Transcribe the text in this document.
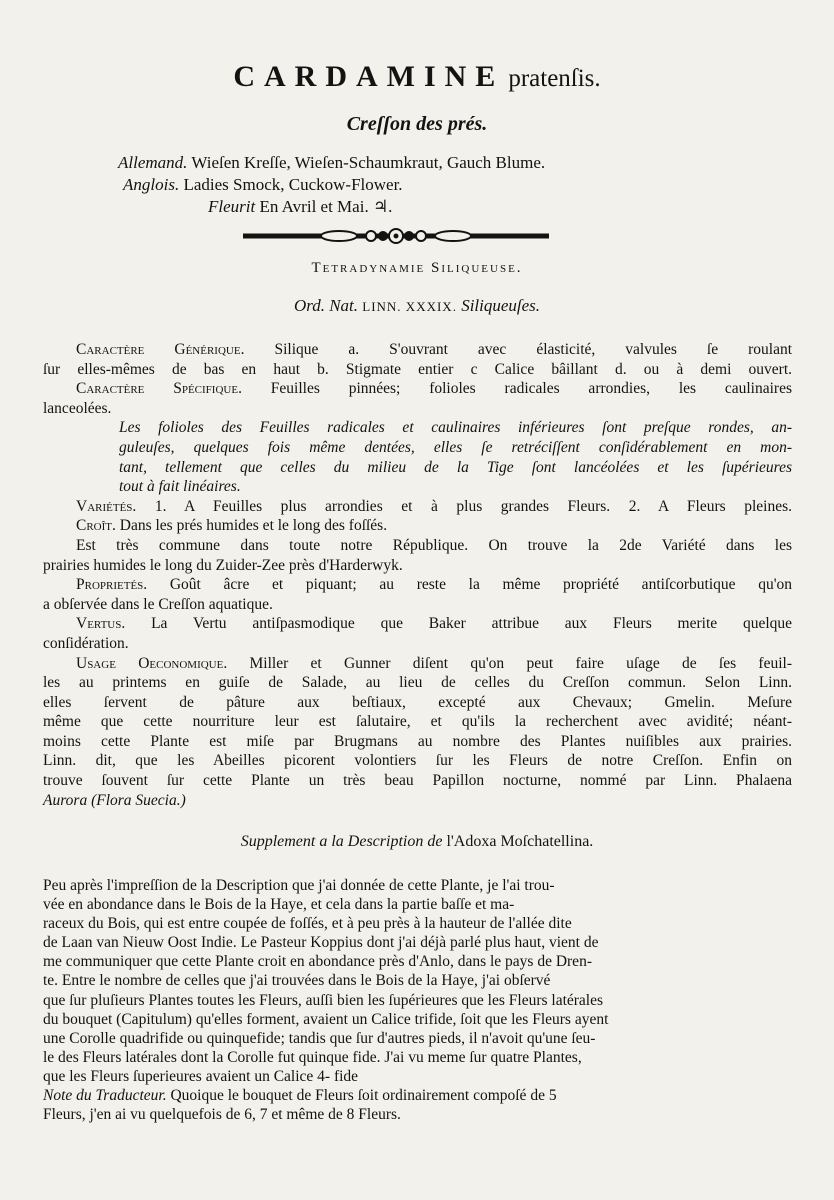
CARDAMINE pratenſis.
Creſſon des prés.
Allemand. Wieſen Kreſſe, Wieſen-Schaumkraut, Gauch Blume.
Anglois. Ladies Smock, Cuckow-Flower.
Fleurit En Avril et Mai. ♃.
Tetradynamie Siliqueuse.
Ord. Nat. LINN. XXXIX. Siliqueuſes.

Caractère Générique. Silique a. S'ouvrant avec élasticité, valvules ſe roulant

ſur elles-mêmes de bas en haut b. Stigmate entier c Calice bâillant d. ou à demi ouvert.

Caractère Spécifique. Feuilles pinnées; folioles radicales arrondies, les caulinaires

lanceolées.

Les folioles des Feuilles radicales et caulinaires inférieures ſont preſque rondes, an-

guleuſes, quelques fois même dentées, elles ſe retréciſſent conſidérablement en mon-

tant, tellement que celles du milieu de la Tige ſont lancéolées et les ſupérieures

tout à fait linéaires.

Variétés. 1. A Feuilles plus arrondies et à plus grandes Fleurs. 2. A Fleurs pleines.

Croît. Dans les prés humides et le long des foſſés.

Est très commune dans toute notre République. On trouve la 2de Variété dans les

prairies humides le long du Zuider-Zee près d'Harderwyk.

Proprietés. Goût âcre et piquant; au reste la même propriété antiſcorbutique qu'on

a obſervée dans le Creſſon aquatique.

Vertus. La Vertu antiſpasmodique que Baker attribue aux Fleurs merite quelque

conſidération.

Usage Oeconomique. Miller et Gunner diſent qu'on peut faire uſage de ſes feuil-

les au printems en guiſe de Salade, au lieu de celles du Creſſon commun. Selon Linn.

elles ſervent de pâture aux beſtiaux, excepté aux Chevaux; Gmelin. Meſure

même que cette nourriture leur est ſalutaire, et qu'ils la recherchent avec avidité; néant-

moins cette Plante est miſe par Brugmans au nombre des Plantes nuiſibles aux prairies.

Linn. dit, que les Abeilles picorent volontiers ſur les Fleurs de notre Creſſon. Enfin on

trouve ſouvent ſur cette Plante un très beau Papillon nocturne, nommé par Linn. Phalaena

Aurora (Flora Suecia.)

Supplement a la Description de l'Adoxa Moſchatellina.

Peu après l'impreſſion de la Description que j'ai donnée de cette Plante, je l'ai trou-

vée en abondance dans le Bois de la Haye, et cela dans la partie baſſe et ma-

raceux du Bois, qui est entre coupée de foſſés, et à peu près à la hauteur de l'allée dite

de Laan van Nieuw Oost Indie. Le Pasteur Koppius dont j'ai déjà parlé plus haut, vient de

me communiquer que cette Plante croit en abondance près d'Anlo, dans le pays de Dren-

te. Entre le nombre de celles que j'ai trouvées dans le Bois de la Haye, j'ai obſervé

que ſur pluſieurs Plantes toutes les Fleurs, auſſi bien les ſupérieures que les Fleurs latérales

du bouquet (Capitulum) qu'elles forment, avaient un Calice trifide, ſoit que les Fleurs ayent

une Corolle quadrifide ou quinquefide; tandis que ſur d'autres pieds, il n'avoit qu'une ſeu-

le des Fleurs latérales dont la Corolle fut quinque fide. J'ai vu meme ſur quatre Plantes,

que les Fleurs ſuperieures avaient un Calice 4- fide

Note du Traducteur. Quoique le bouquet de Fleurs ſoit ordinairement compoſé de 5

Fleurs, j'en ai vu quelquefois de 6, 7 et même de 8 Fleurs.
